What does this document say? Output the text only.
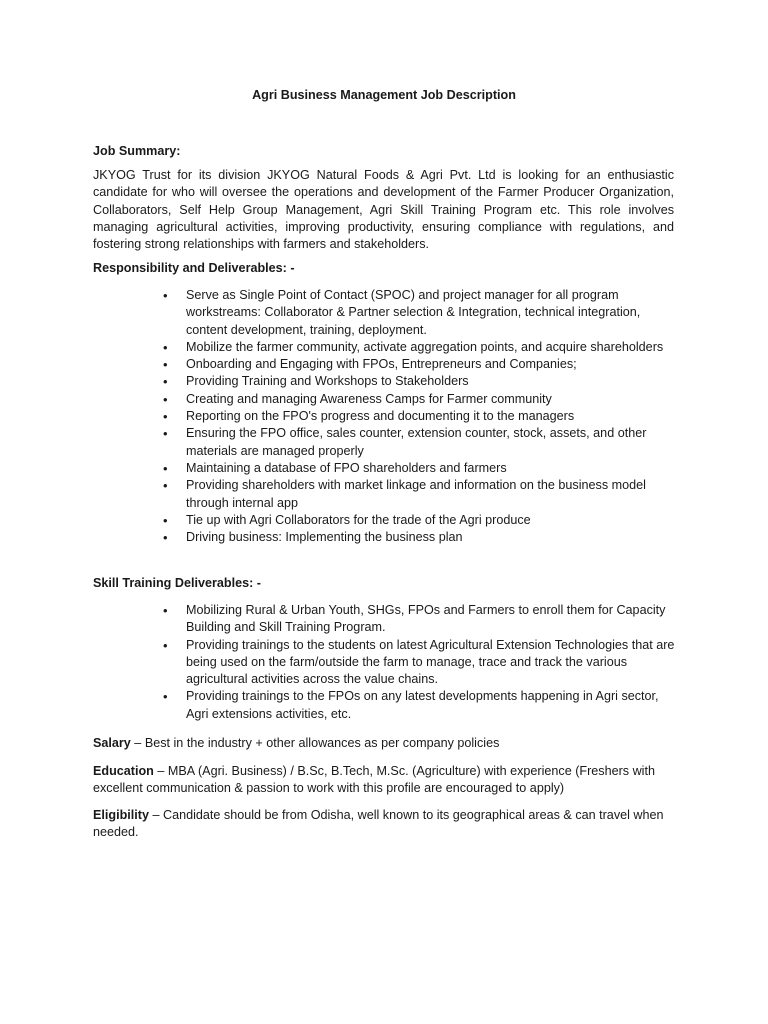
Agri Business Management Job Description
Job Summary:

JKYOG Trust for its division JKYOG Natural Foods & Agri Pvt. Ltd is looking for an enthusiastic candidate for who will oversee the operations and development of the Farmer Producer Organization, Collaborators, Self Help Group Management, Agri Skill Training Program etc. This role involves managing agricultural activities, improving productivity, ensuring compliance with regulations, and fostering strong relationships with farmers and stakeholders.

Responsibility and Deliverables: -
• Serve as Single Point of Contact (SPOC) and project manager for all program workstreams: Collaborator & Partner selection & Integration, technical integration, content development, training, deployment.
• Mobilize the farmer community, activate aggregation points, and acquire shareholders
• Onboarding and Engaging with FPOs, Entrepreneurs and Companies;
• Providing Training and Workshops to Stakeholders
• Creating and managing Awareness Camps for Farmer community
• Reporting on the FPO's progress and documenting it to the managers
• Ensuring the FPO office, sales counter, extension counter, stock, assets, and other materials are managed properly
• Maintaining a database of FPO shareholders and farmers
• Providing shareholders with market linkage and information on the business model through internal app
• Tie up with Agri Collaborators for the trade of the Agri produce
• Driving business: Implementing the business plan
Skill Training Deliverables: -
• Mobilizing Rural & Urban Youth, SHGs, FPOs and Farmers to enroll them for Capacity Building and Skill Training Program.
• Providing trainings to the students on latest Agricultural Extension Technologies that are being used on the farm/outside the farm to manage, trace and track the various agricultural activities across the value chains.
• Providing trainings to the FPOs on any latest developments happening in Agri sector, Agri extensions activities, etc.

Salary – Best in the industry + other allowances as per company policies

Education – MBA (Agri. Business) / B.Sc, B.Tech, M.Sc. (Agriculture) with experience (Freshers with excellent communication & passion to work with this profile are encouraged to apply)

Eligibility – Candidate should be from Odisha, well known to its geographical areas & can travel when needed.
